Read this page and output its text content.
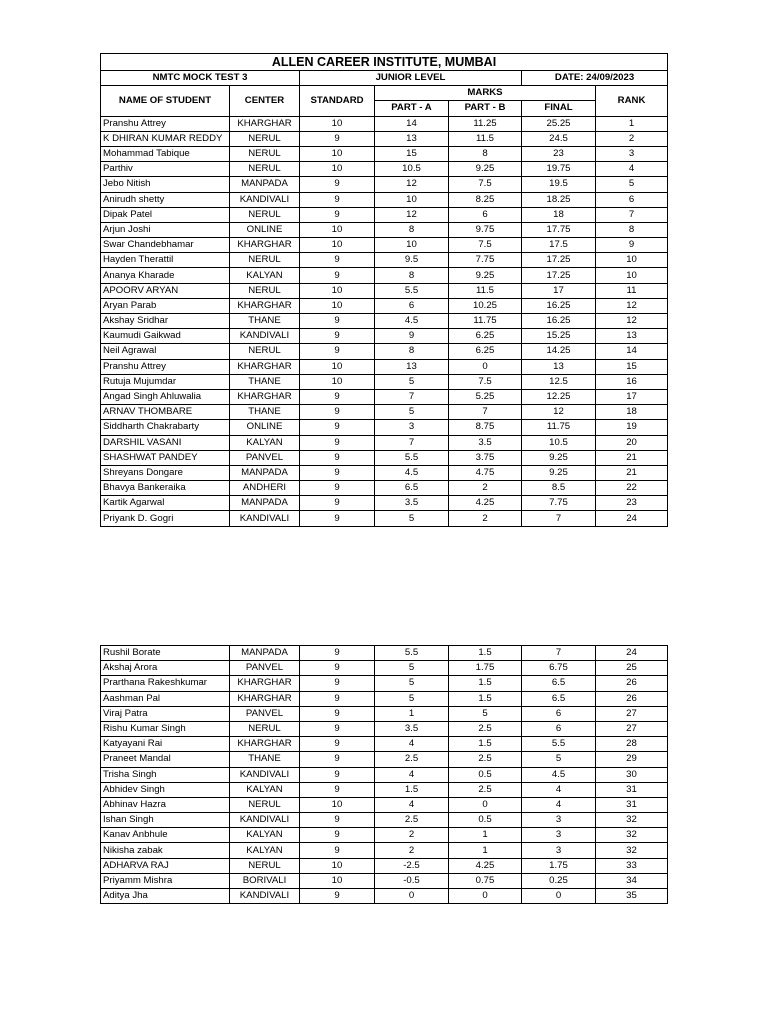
ALLEN CAREER INSTITUTE, MUMBAI						
NMTC MOCK TEST 3		JUNIOR LEVEL			DATE: 24/09/2023	
NAME OF STUDENT	CENTER	STANDARD	MARKS			RANK
			PART - A	PART - B	FINAL	
Pranshu Attrey	KHARGHAR	10	14	11.25	25.25	1
K DHIRAN KUMAR REDDY	NERUL	9	13	11.5	24.5	2
Mohammad Tabique	NERUL	10	15	8	23	3
Parthiv	NERUL	10	10.5	9.25	19.75	4
Jebo Nitish	MANPADA	9	12	7.5	19.5	5
Anirudh shetty	KANDIVALI	9	10	8.25	18.25	6
Dipak Patel	NERUL	9	12	6	18	7
Arjun Joshi	ONLINE	10	8	9.75	17.75	8
Swar Chandebhamar	KHARGHAR	10	10	7.5	17.5	9
Hayden Therattil	NERUL	9	9.5	7.75	17.25	10
Ananya Kharade	KALYAN	9	8	9.25	17.25	10
APOORV ARYAN	NERUL	10	5.5	11.5	17	11
Aryan Parab	KHARGHAR	10	6	10.25	16.25	12
Akshay Sridhar	THANE	9	4.5	11.75	16.25	12
Kaumudi Gaikwad	KANDIVALI	9	9	6.25	15.25	13
Neil Agrawal	NERUL	9	8	6.25	14.25	14
Pranshu Attrey	KHARGHAR	10	13	0	13	15
Rutuja Mujumdar	THANE	10	5	7.5	12.5	16
Angad Singh Ahluwalia	KHARGHAR	9	7	5.25	12.25	17
ARNAV THOMBARE	THANE	9	5	7	12	18
Siddharth Chakrabarty	ONLINE	9	3	8.75	11.75	19
DARSHIL VASANI	KALYAN	9	7	3.5	10.5	20
SHASHWAT PANDEY	PANVEL	9	5.5	3.75	9.25	21
Shreyans Dongare	MANPADA	9	4.5	4.75	9.25	21
Bhavya Bankeraika	ANDHERI	9	6.5	2	8.5	22
Kartik Agarwal	MANPADA	9	3.5	4.25	7.75	23
Priyank D. Gogri	KANDIVALI	9	5	2	7	24
Rushil Borate	MANPADA	9	5.5	1.5	7	24
Akshaj Arora	PANVEL	9	5	1.75	6.75	25
Prarthana Rakeshkumar	KHARGHAR	9	5	1.5	6.5	26
Aashman Pal	KHARGHAR	9	5	1.5	6.5	26
Viraj Patra	PANVEL	9	1	5	6	27
Rishu Kumar Singh	NERUL	9	3.5	2.5	6	27
Katyayani Rai	KHARGHAR	9	4	1.5	5.5	28
Praneet Mandal	THANE	9	2.5	2.5	5	29
Trisha Singh	KANDIVALI	9	4	0.5	4.5	30
Abhidev Singh	KALYAN	9	1.5	2.5	4	31
Abhinav Hazra	NERUL	10	4	0	4	31
Ishan Singh	KANDIVALI	9	2.5	0.5	3	32
Kanav Anbhule	KALYAN	9	2	1	3	32
Nikisha zabak	KALYAN	9	2	1	3	32
ADHARVA RAJ	NERUL	10	-2.5	4.25	1.75	33
Priyamm Mishra	BORIVALI	10	-0.5	0.75	0.25	34
Aditya Jha	KANDIVALI	9	0	0	0	35
